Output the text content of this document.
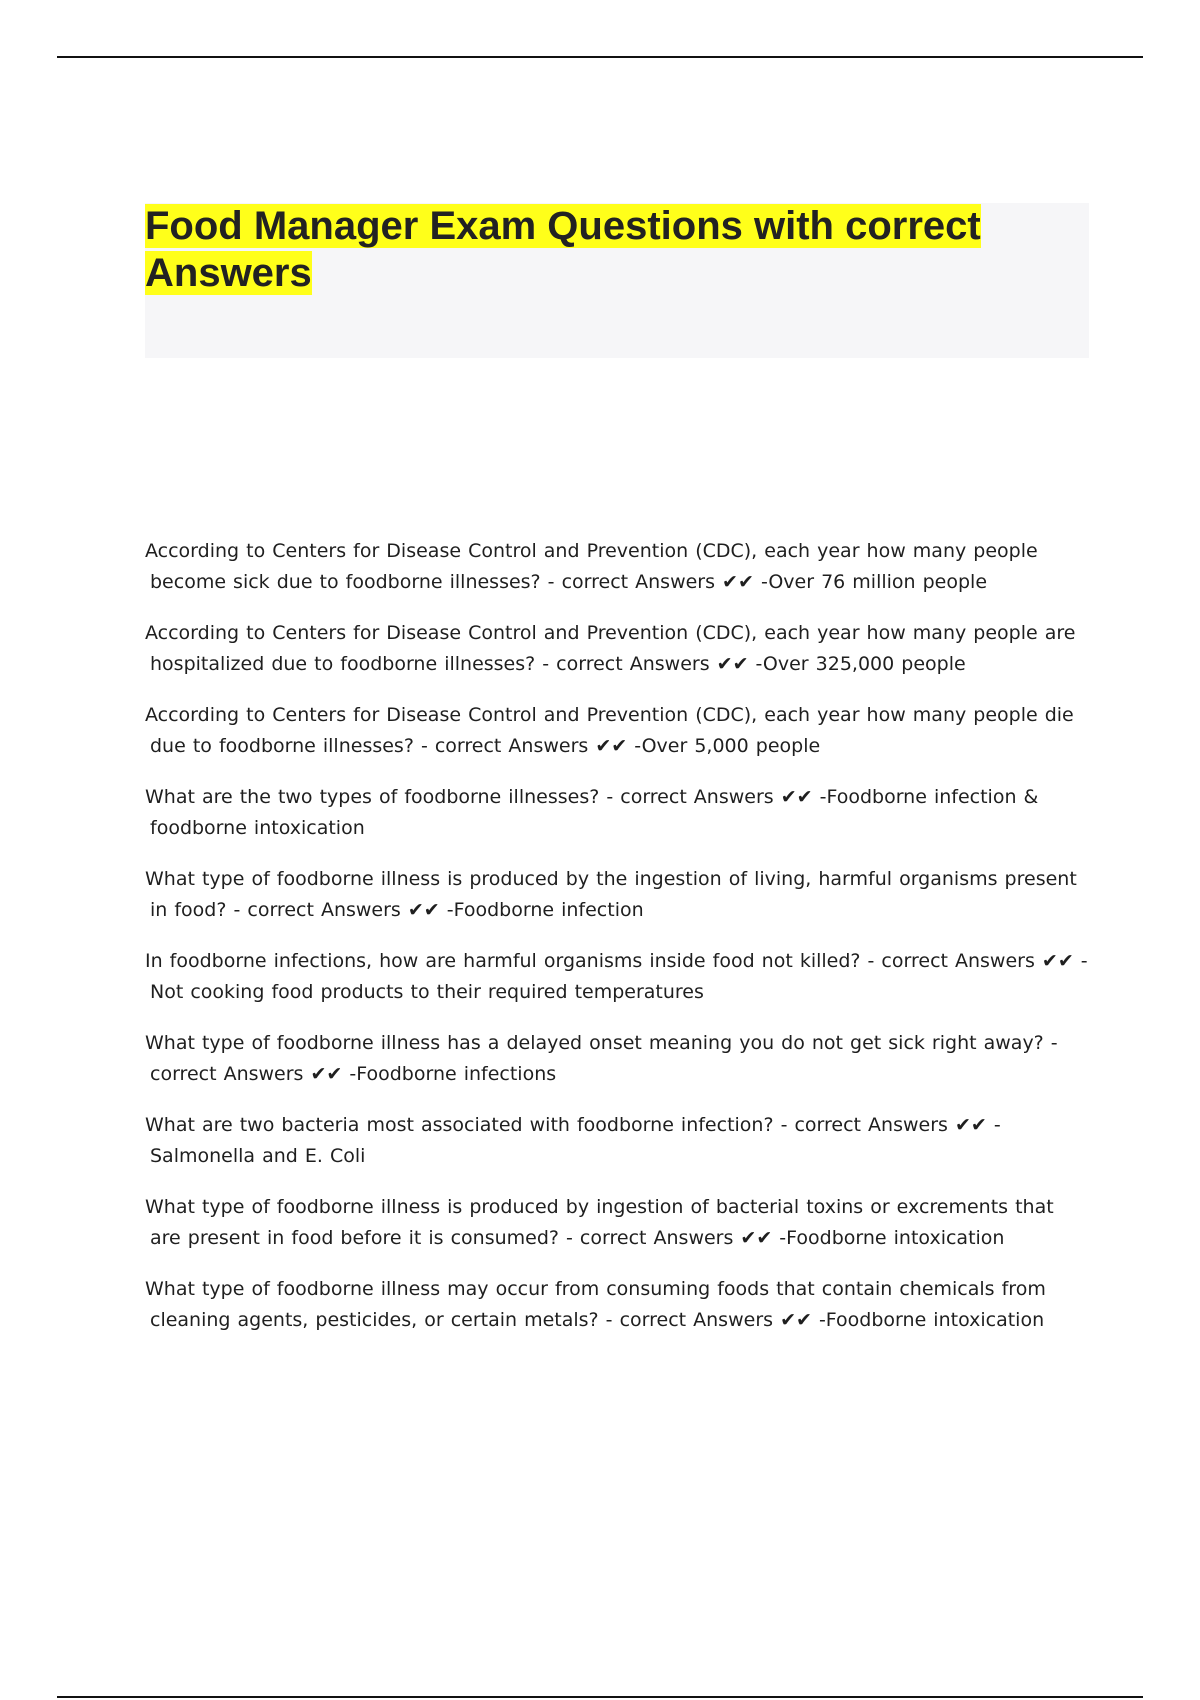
Food Manager Exam Questions with correct Answers
According to Centers for Disease Control and Prevention (CDC), each year how many people become sick due to foodborne illnesses? - correct Answers ✔✔ -Over 76 million people
According to Centers for Disease Control and Prevention (CDC), each year how many people are hospitalized due to foodborne illnesses? - correct Answers ✔✔ -Over 325,000 people
According to Centers for Disease Control and Prevention (CDC), each year how many people die due to foodborne illnesses? - correct Answers ✔✔ -Over 5,000 people
What are the two types of foodborne illnesses? - correct Answers ✔✔ -Foodborne infection & foodborne intoxication
What type of foodborne illness is produced by the ingestion of living, harmful organisms present in food? - correct Answers ✔✔ -Foodborne infection
In foodborne infections, how are harmful organisms inside food not killed? - correct Answers ✔✔ - Not cooking food products to their required temperatures
What type of foodborne illness has a delayed onset meaning you do not get sick right away? - correct Answers ✔✔ -Foodborne infections
What are two bacteria most associated with foodborne infection? - correct Answers ✔✔ - Salmonella and E. Coli
What type of foodborne illness is produced by ingestion of bacterial toxins or excrements that are present in food before it is consumed? - correct Answers ✔✔ -Foodborne intoxication
What type of foodborne illness may occur from consuming foods that contain chemicals from cleaning agents, pesticides, or certain metals? - correct Answers ✔✔ -Foodborne intoxication
